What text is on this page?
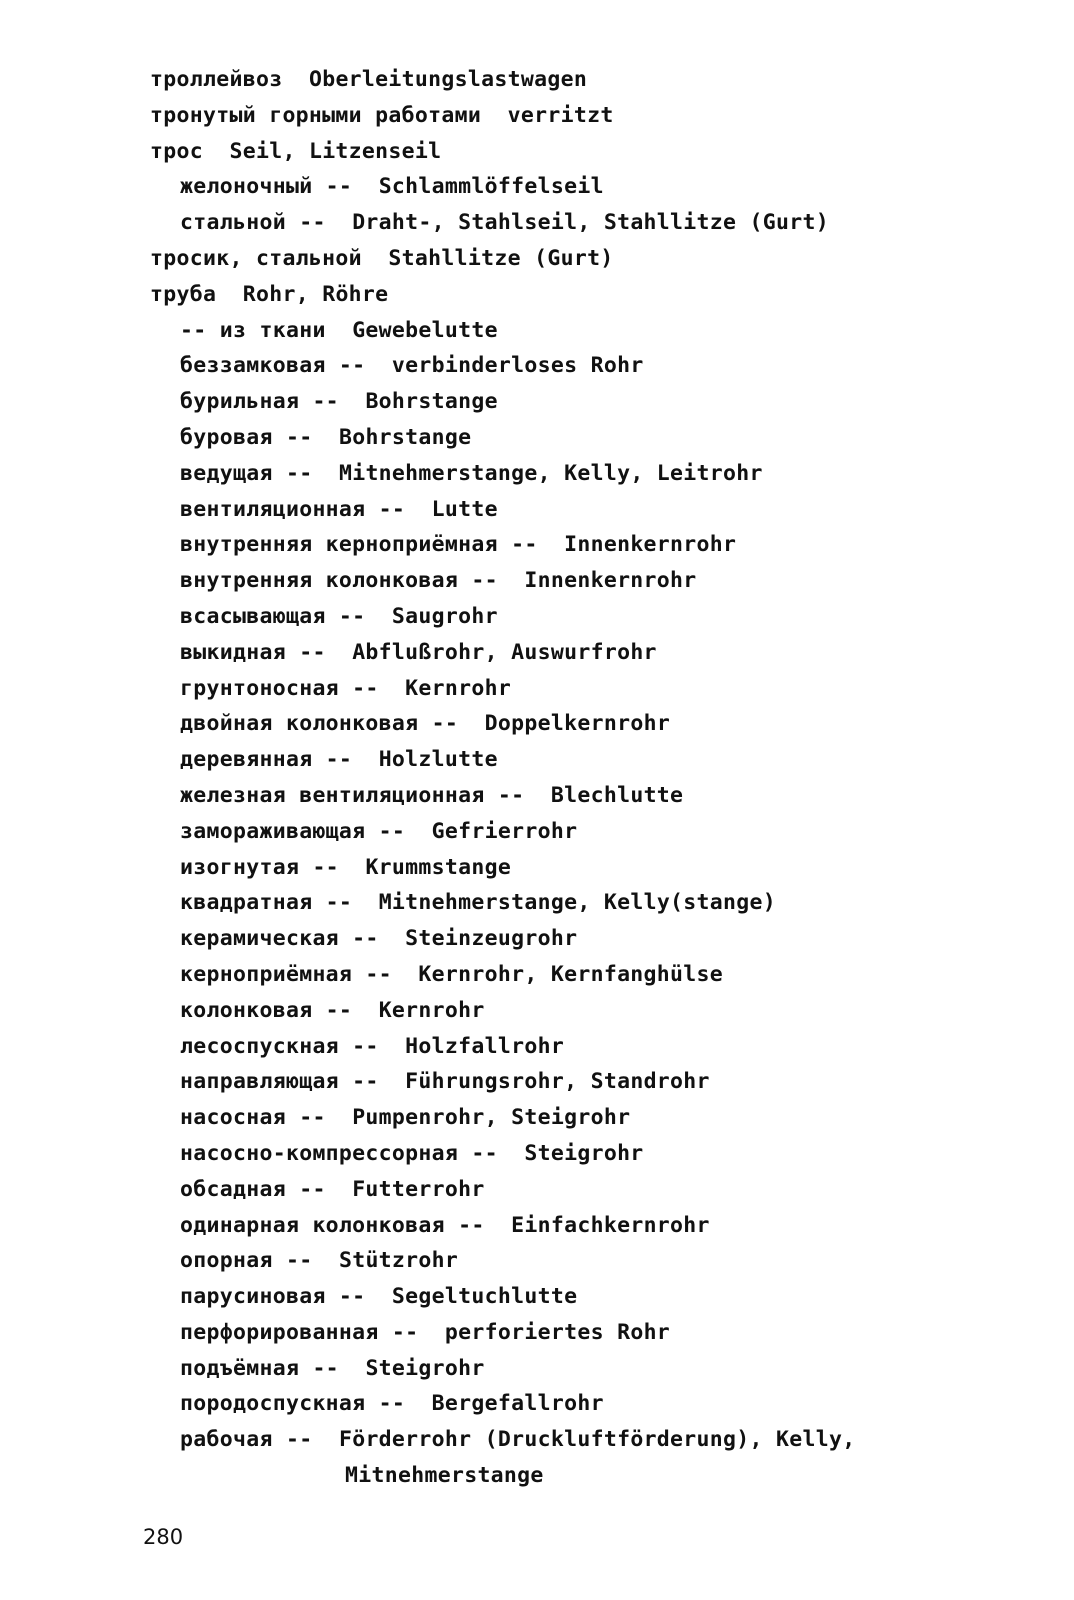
троллейвоз Oberleitungslastwagen
тронутый горными работами verritzt
трос Seil, Litzenseil
желоночный -- Schlammlöffelseil
стальной -- Draht-, Stahlseil, Stahllitze (Gurt)
тросик, стальной Stahllitze (Gurt)
труба Rohr, Röhre
-- из ткани Gewebelutte
беззамковая -- verbinderloses Rohr
бурильная -- Bohrstange
буровая -- Bohrstange
ведущая -- Mitnehmerstange, Kelly, Leitrohr
вентиляционная -- Lutte
внутренняя керноприёмная -- Innenkernrohr
внутренняя колонковая -- Innenkernrohr
всасывающая -- Saugrohr
выкидная -- Abflußrohr, Auswurfrohr
грунтоносная -- Kernrohr
двойная колонковая -- Doppelkernrohr
деревянная -- Holzlutte
железная вентиляционная -- Blechlutte
замораживающая -- Gefrierrohr
изогнутая -- Krummstange
квадратная -- Mitnehmerstange, Kelly(stange)
керамическая -- Steinzeugrohr
керноприёмная -- Kernrohr, Kernfanghülse
колонковая -- Kernrohr
лесоспускная -- Holzfallrohr
направляющая -- Führungsrohr, Standrohr
насосная -- Pumpenrohr, Steigrohr
насосно-компрессорная -- Steigrohr
обсадная -- Futterrohr
одинарная колонковая -- Einfachkernrohr
опорная -- Stützrohr
парусиновая -- Segeltuchlutte
перфорированная -- perforiertes Rohr
подъёмная -- Steigrohr
породоспускная -- Bergefallrohr
рабочая -- Förderrohr (Druckluftförderung), Kelly,
Mitnehmerstange
280
